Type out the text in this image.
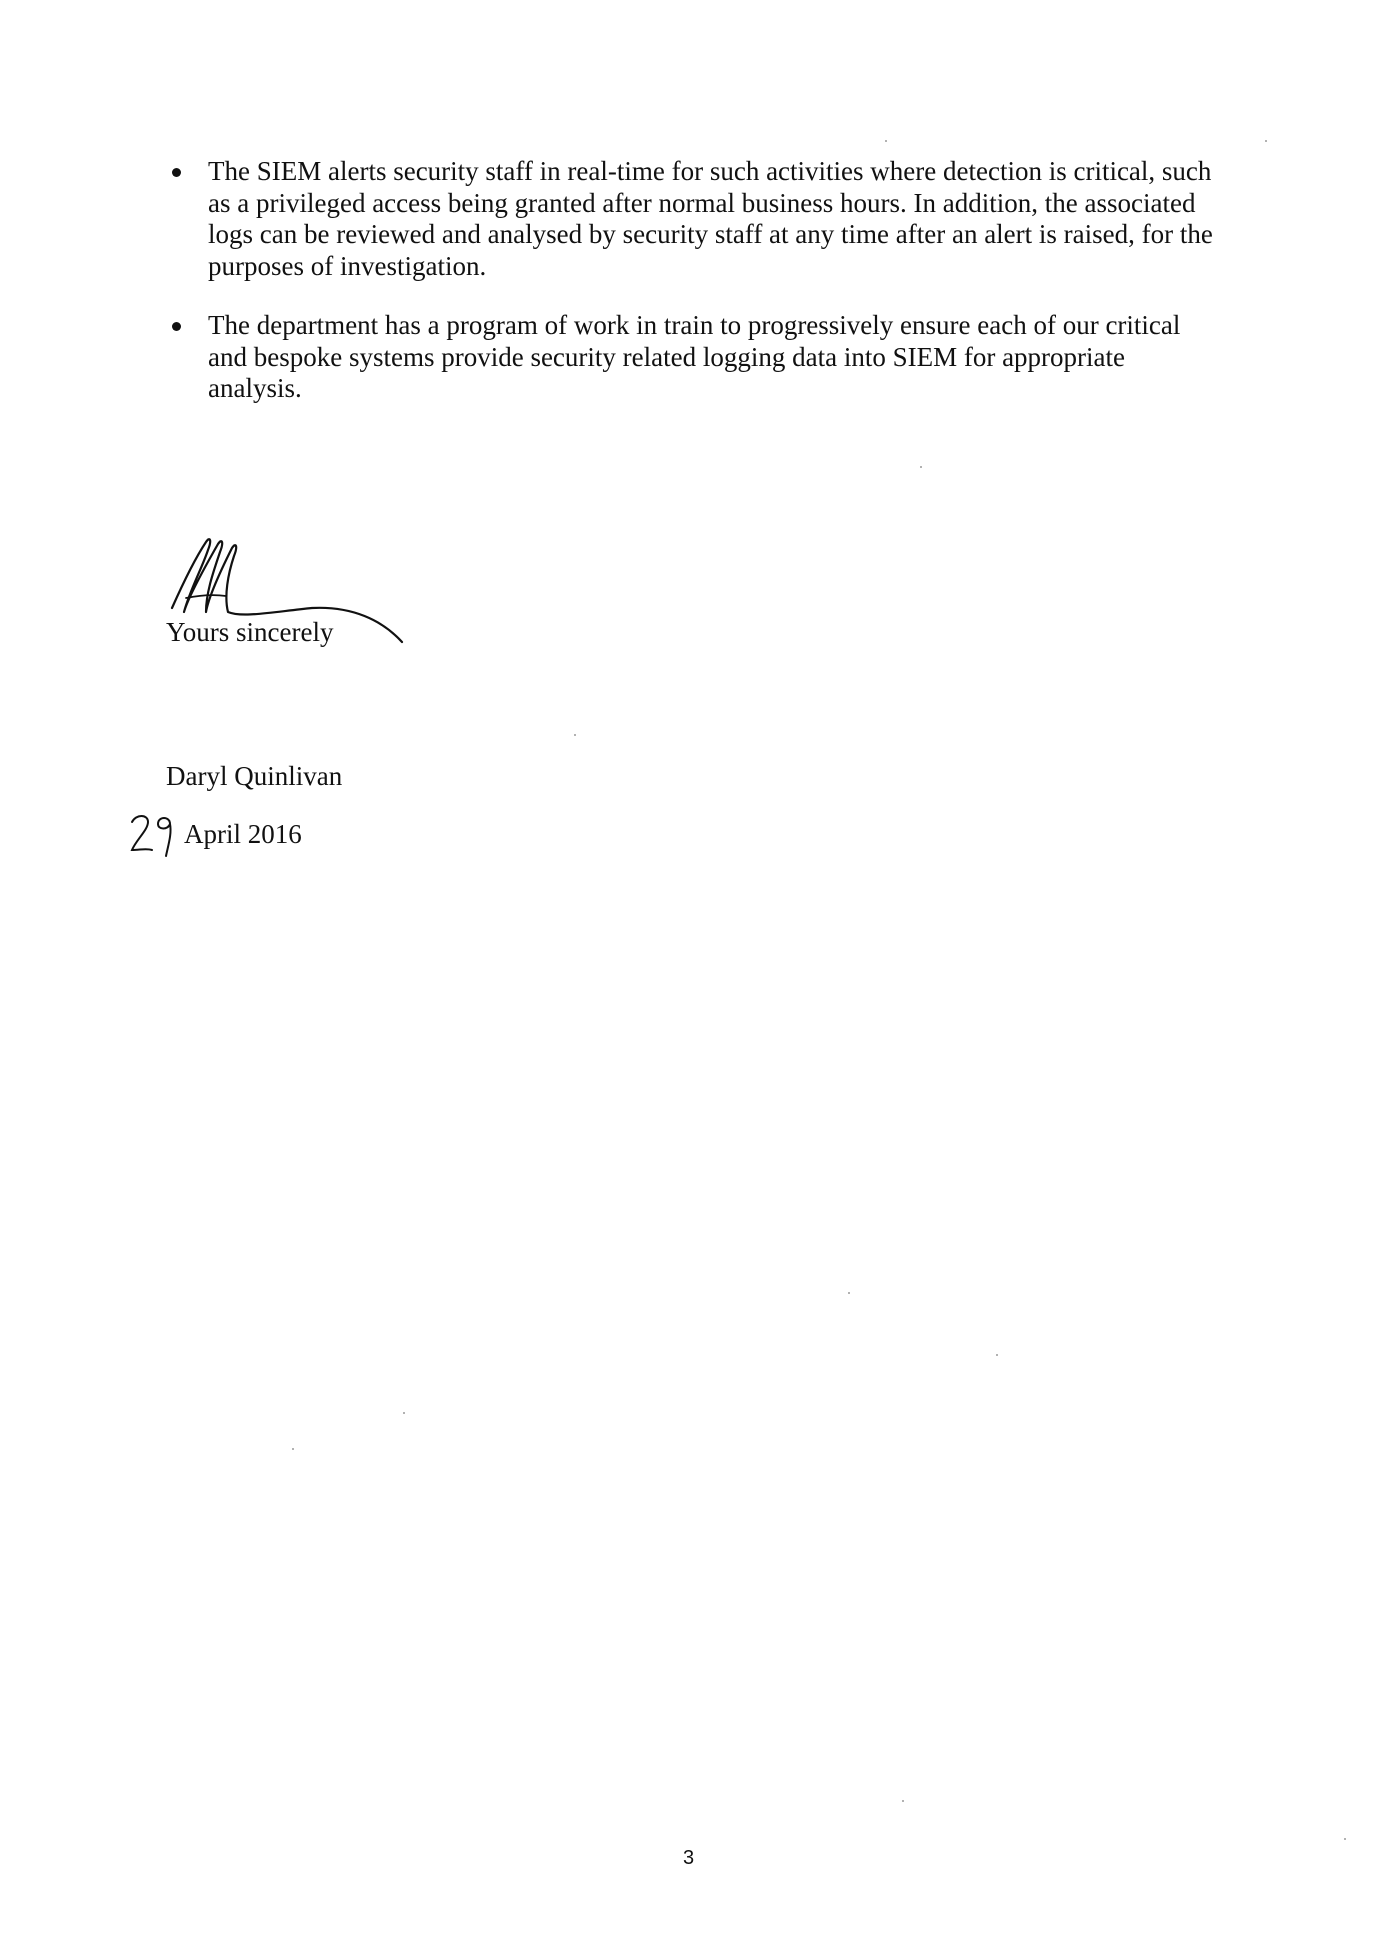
The SIEM alerts security staff in real-time for such activities where detection is critical, such as a privileged access being granted after normal business hours. In addition, the associated logs can be reviewed and analysed by security staff at any time after an alert is raised, for the purposes of investigation.
The department has a program of work in train to progressively ensure each of our critical and bespoke systems provide security related logging data into SIEM for appropriate analysis.
Yours sincerely
Daryl Quinlivan
April 2016
3
